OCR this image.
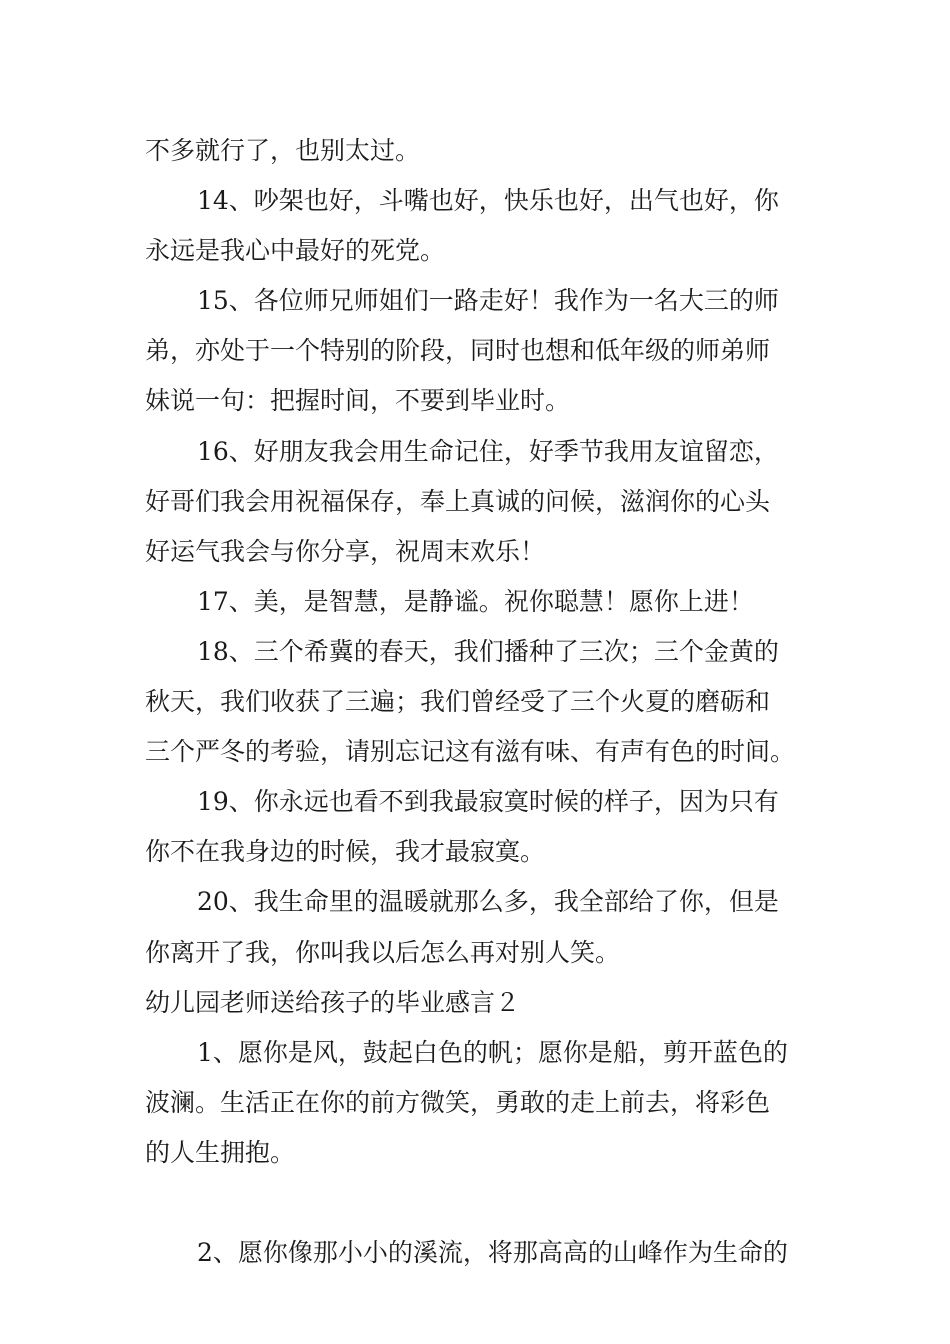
不多就行了，也别太过。
14、吵架也好，斗嘴也好，快乐也好，出气也好，你
永远是我心中最好的死党。
15、各位师兄师姐们一路走好！我作为一名大三的师
弟，亦处于一个特别的阶段，同时也想和低年级的师弟师
妹说一句：把握时间，不要到毕业时。
16、好朋友我会用生命记住，好季节我用友谊留恋，
好哥们我会用祝福保存，奉上真诚的问候，滋润你的心头
好运气我会与你分享，祝周末欢乐！
17、美，是智慧，是静谧。祝你聪慧！愿你上进！
18、三个希冀的春天，我们播种了三次；三个金黄的
秋天，我们收获了三遍；我们曾经受了三个火夏的磨砺和
三个严冬的考验，请别忘记这有滋有味、有声有色的时间。
19、你永远也看不到我最寂寞时候的样子，因为只有
你不在我身边的时候，我才最寂寞。
20、我生命里的温暖就那么多，我全部给了你，但是
你离开了我，你叫我以后怎么再对别人笑。
幼儿园老师送给孩子的毕业感言２
1、愿你是风，鼓起白色的帆；愿你是船，剪开蓝色的
波澜。生活正在你的前方微笑，勇敢的走上前去，将彩色
的人生拥抱。
2、愿你像那小小的溪流，将那高高的山峰作为生命的
